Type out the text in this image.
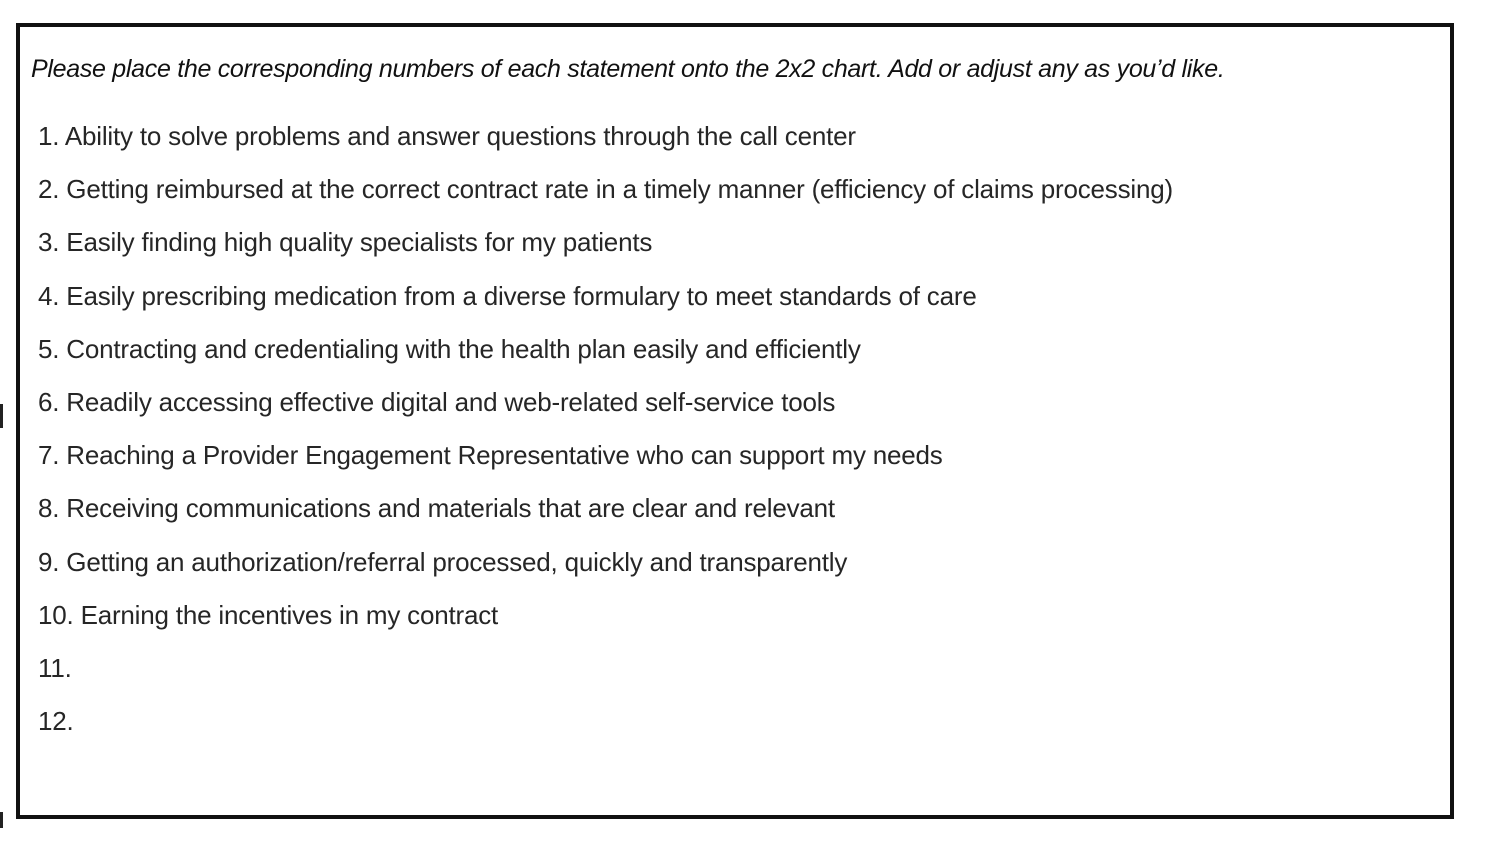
Please place the corresponding numbers of each statement onto the 2x2 chart. Add or adjust any as you’d like.

1. Ability to solve problems and answer questions through the call center
2. Getting reimbursed at the correct contract rate in a timely manner (efficiency of claims processing)
3. Easily finding high quality specialists for my patients
4. Easily prescribing medication from a diverse formulary to meet standards of care
5. Contracting and credentialing with the health plan easily and efficiently
6. Readily accessing effective digital and web-related self-service tools
7. Reaching a Provider Engagement Representative who can support my needs
8. Receiving communications and materials that are clear and relevant
9. Getting an authorization/referral processed, quickly and transparently
10. Earning the incentives in my contract
11.
12.
